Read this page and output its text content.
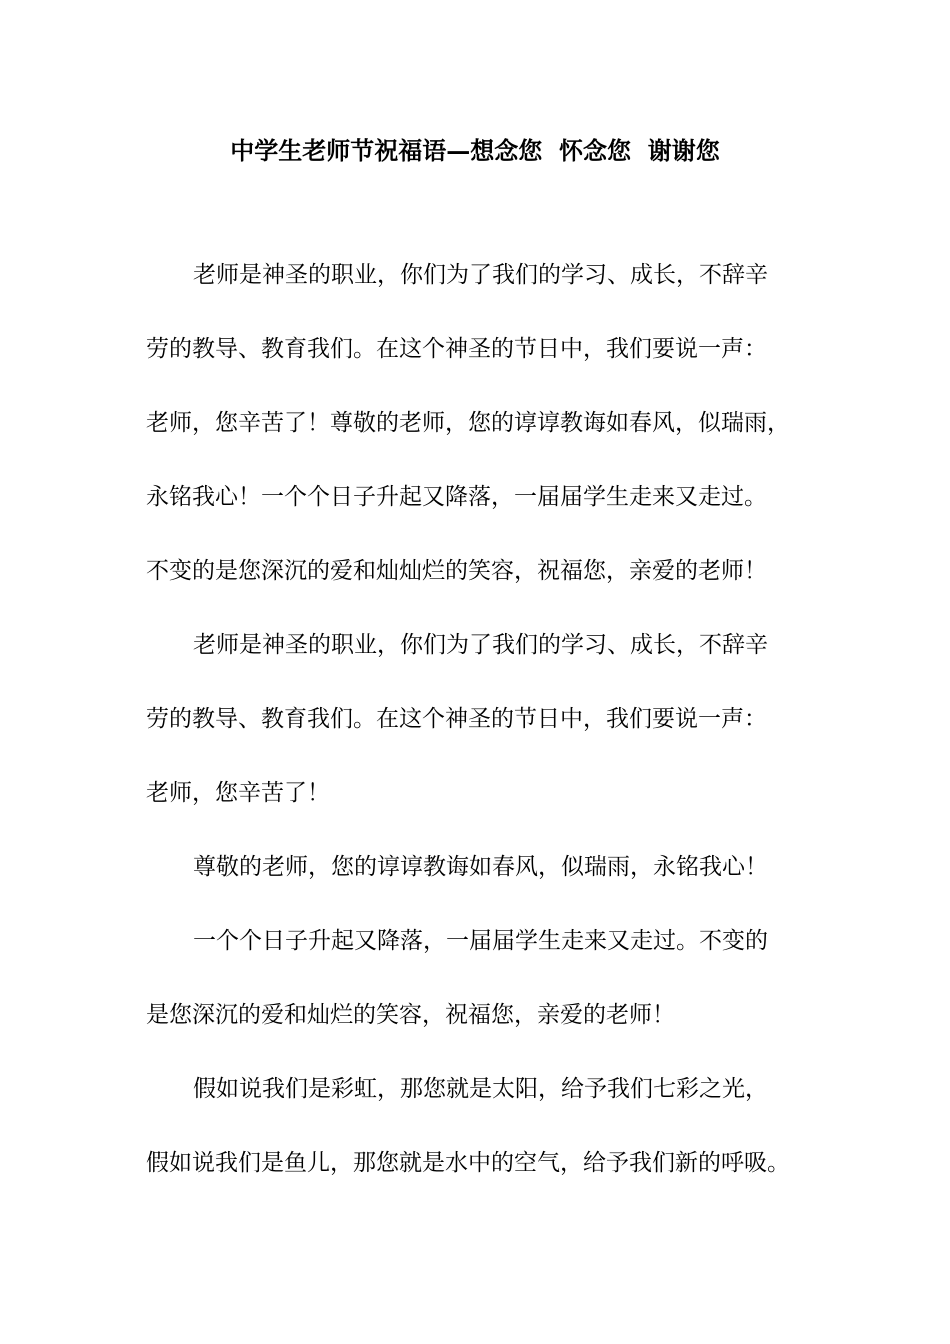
中学生老师节祝福语—想念您  怀念您  谢谢您

老师是神圣的职业，你们为了我们的学习、成长，不辞辛

劳的教导、教育我们。在这个神圣的节日中，我们要说一声：

老师，您辛苦了！尊敬的老师，您的谆谆教诲如春风，似瑞雨，

永铭我心！一个个日子升起又降落，一届届学生走来又走过。

不变的是您深沉的爱和灿灿烂的笑容，祝福您，亲爱的老师！

老师是神圣的职业，你们为了我们的学习、成长，不辞辛

劳的教导、教育我们。在这个神圣的节日中，我们要说一声：

老师，您辛苦了！

尊敬的老师，您的谆谆教诲如春风，似瑞雨，永铭我心！

一个个日子升起又降落，一届届学生走来又走过。不变的

是您深沉的爱和灿烂的笑容，祝福您，亲爱的老师！

假如说我们是彩虹，那您就是太阳，给予我们七彩之光，

假如说我们是鱼儿，那您就是水中的空气，给予我们新的呼吸。
